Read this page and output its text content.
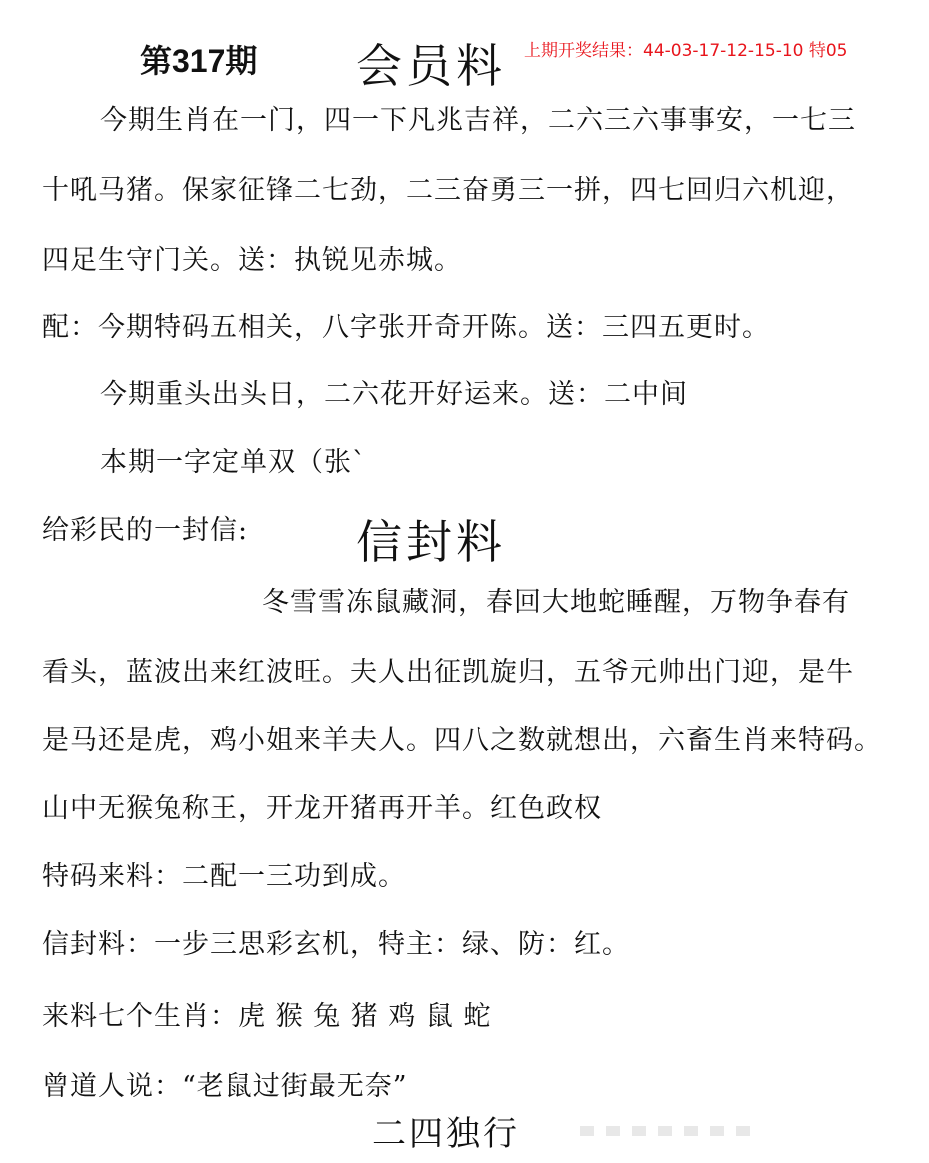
第317期 会员料 上期开奖结果：44-03-17-12-15-10 特05
今期生肖在一门，四一下凡兆吉祥，二六三六事事安，一七三
十吼马猪。保家征锋二七劲，二三奋勇三一拼，四七回归六机迎，
四足生守门关。送：执锐见赤城。
配：今期特码五相关，八字张开奇开陈。送：三四五更时。
今期重头出头日，二六花开好运来。送：二中间
本期一字定单双（张`
给彩民的一封信: 信封料
冬雪雪冻鼠藏洞，春回大地蛇睡醒，万物争春有
看头，蓝波出来红波旺。夫人出征凯旋归，五爷元帅出门迎，是牛
是马还是虎，鸡小姐来羊夫人。四八之数就想出，六畜生肖来特码。
山中无猴兔称王，开龙开猪再开羊。红色政权
特码来料：二配一三功到成。
信封料：一步三思彩玄机，特主：绿、防：红。
来料七个生肖：虎 猴 兔 猪 鸡 鼠 蛇
曾道人说：“老鼠过街最无奈”
二四独行
